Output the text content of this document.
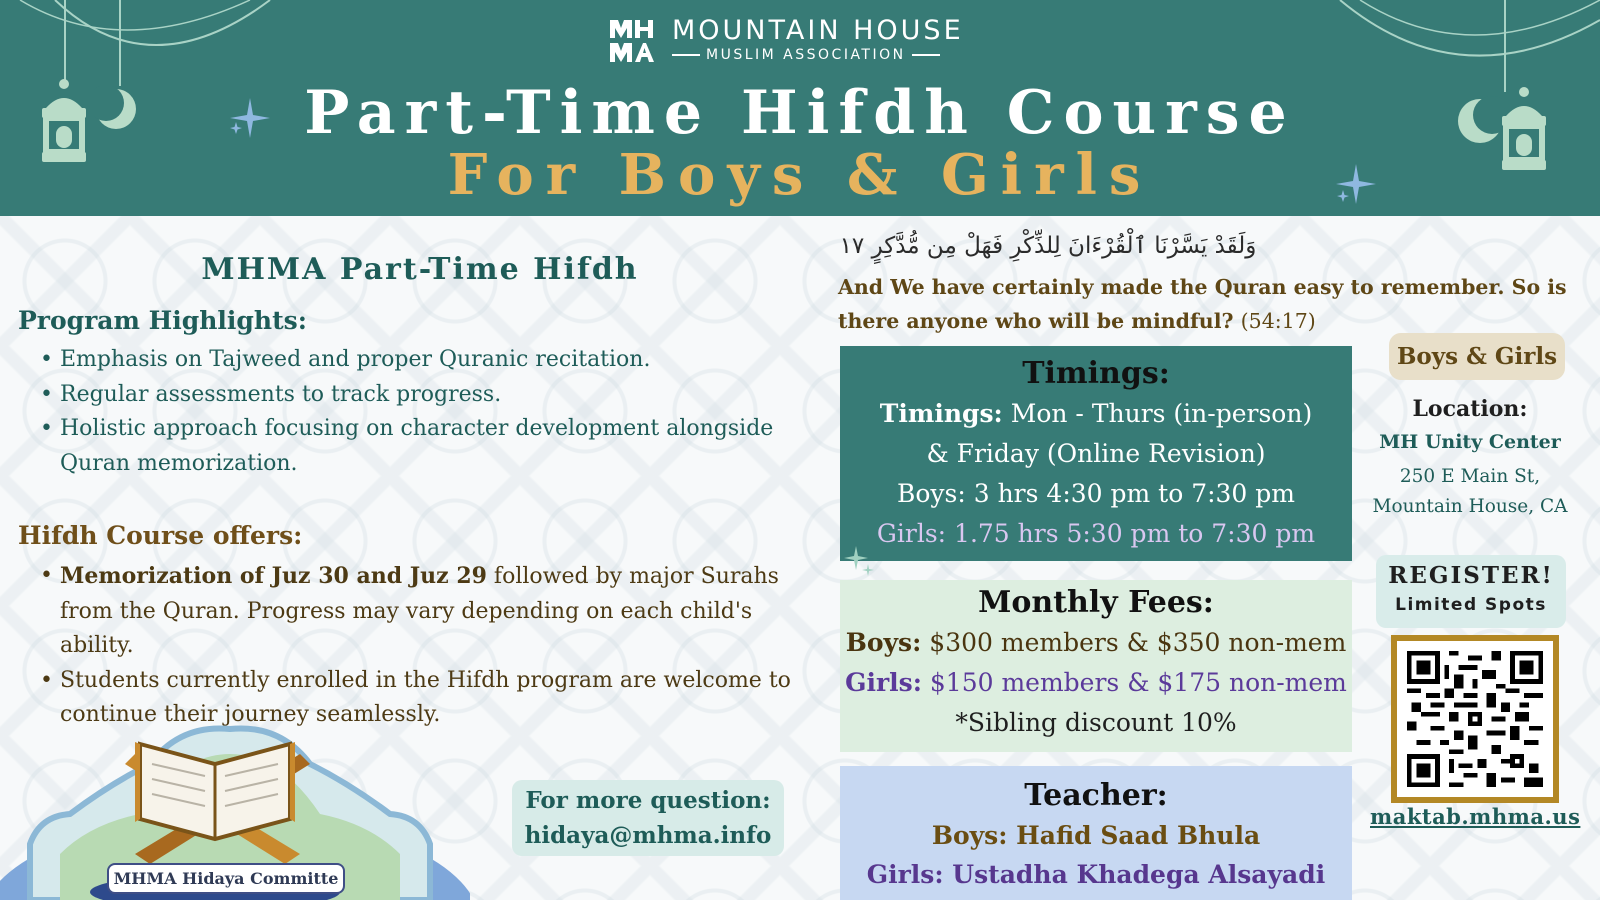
MOUNTAIN HOUSE
MUSLIM ASSOCIATION
Part-Time Hifdh Course
For Boys & Girls
MHMA Part-Time Hifdh
Program Highlights:
• Emphasis on Tajweed and proper Quranic recitation.
• Regular assessments to track progress.
• Holistic approach focusing on character development alongside Quran memorization.
Hifdh Course offers:
• Memorization of Juz 30 and Juz 29 followed by major Surahs from the Quran. Progress may vary depending on each child's ability.
• Students currently enrolled in the Hifdh program are welcome to continue their journey seamlessly.
MHMA Hidaya Committe
For more question:
hidaya@mhma.info
وَلَقَدْ يَسَّرْنَا ٱلْقُرْءَانَ لِلذِّكْرِ فَهَلْ مِن مُّدَّكِرٍ ١٧
And We have certainly made the Quran easy to remember. So is there anyone who will be mindful? (54:17)
Timings:
Timings: Mon - Thurs (in-person)
& Friday (Online Revision)
Boys: 3 hrs 4:30 pm to 7:30 pm
Girls: 1.75 hrs 5:30 pm to 7:30 pm
Monthly Fees:
Boys: $300 members & $350 non-mem
Girls: $150 members & $175 non-mem
*Sibling discount 10%
Teacher:
Boys: Hafid Saad Bhula
Girls: Ustadha Khadega Alsayadi
Boys & Girls
Location:
MH Unity Center
250 E Main St,
Mountain House, CA
REGISTER!
Limited Spots
maktab.mhma.us
